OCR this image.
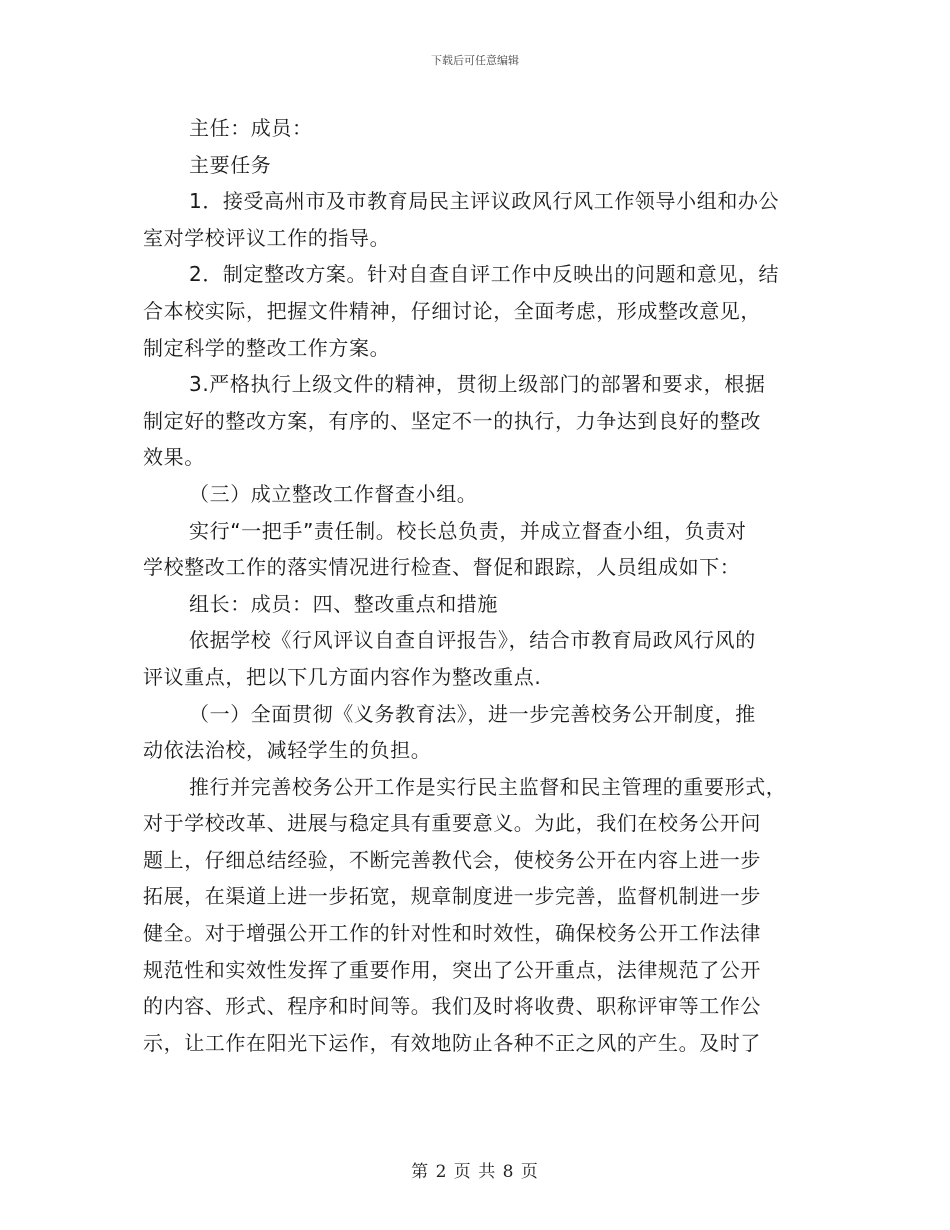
下载后可任意编辑
主任：成员：
主要任务
1．接受高州市及市教育局民主评议政风行风工作领导小组和办公
室对学校评议工作的指导。
2．制定整改方案。针对自查自评工作中反映出的问题和意见，结
合本校实际，把握文件精神，仔细讨论，全面考虑，形成整改意见，
制定科学的整改工作方案。
3.严格执行上级文件的精神，贯彻上级部门的部署和要求，根据
制定好的整改方案，有序的、坚定不一的执行，力争达到良好的整改
效果。
（三）成立整改工作督查小组。
实行“一把手”责任制。校长总负责，并成立督查小组，负责对
学校整改工作的落实情况进行检查、督促和跟踪，人员组成如下：
组长：成员：四、整改重点和措施
依据学校《行风评议自查自评报告》，结合市教育局政风行风的
评议重点，把以下几方面内容作为整改重点.
（一）全面贯彻《义务教育法》，进一步完善校务公开制度，推
动依法治校，减轻学生的负担。
推行并完善校务公开工作是实行民主监督和民主管理的重要形式，
对于学校改革、进展与稳定具有重要意义。为此，我们在校务公开问
题上，仔细总结经验，不断完善教代会，使校务公开在内容上进一步
拓展，在渠道上进一步拓宽，规章制度进一步完善，监督机制进一步
健全。对于增强公开工作的针对性和时效性，确保校务公开工作法律
规范性和实效性发挥了重要作用，突出了公开重点，法律规范了公开
的内容、形式、程序和时间等。我们及时将收费、职称评审等工作公
示，让工作在阳光下运作，有效地防止各种不正之风的产生。及时了
第 2 页 共 8 页
